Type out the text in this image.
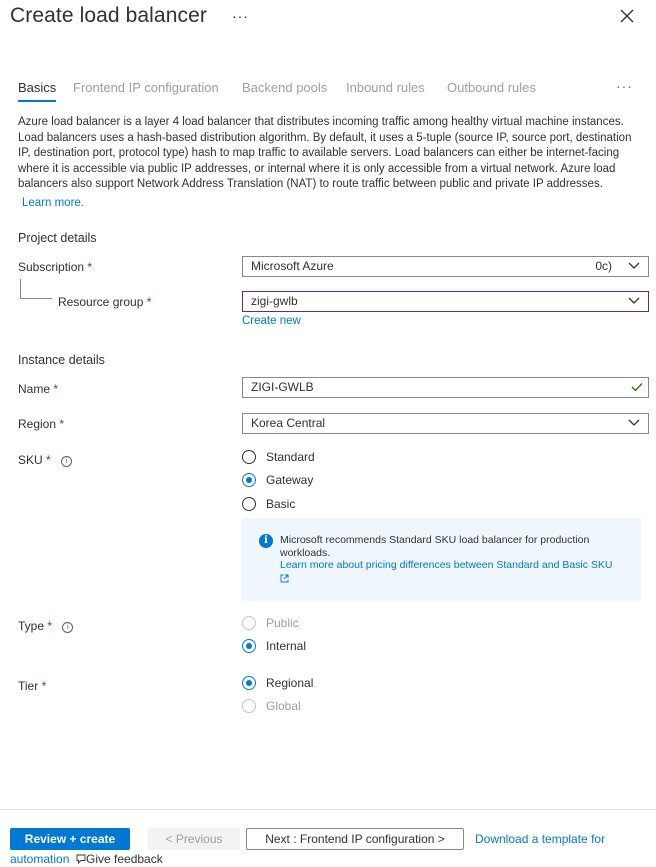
Create load balancer ···
Basics Frontend IP configuration Backend pools Inbound rules Outbound rules	···
Azure load balancer is a layer 4 load balancer that distributes incoming traffic among healthy virtual machine instances. Load balancers uses a hash-based distribution algorithm. By default, it uses a 5-tuple (source IP, source port, destination IP, destination port, protocol type) hash to map traffic to available servers. Load balancers can either be internet-facing where it is accessible via public IP addresses, or internal where it is only accessible from a virtual network. Azure load balancers also support Network Address Translation (NAT) to route traffic between public and private IP addresses.
Learn more.
Project details
Subscription *	Microsoft Azure	0c)
Resource group *	zigi-gwlb
Create new
Instance details
Name *	ZIGI-GWLB
Region *	Korea Central
SKU * i	Standard
Gateway
Basic
i	Microsoft recommends Standard SKU load balancer for production workloads.
Learn more about pricing differences between Standard and Basic SKU
Type * i	Public
Internal
Tier *	Regional
Global
Review + create	< Previous	Next : Frontend IP configuration >	Download a template for
automation	Give feedback
